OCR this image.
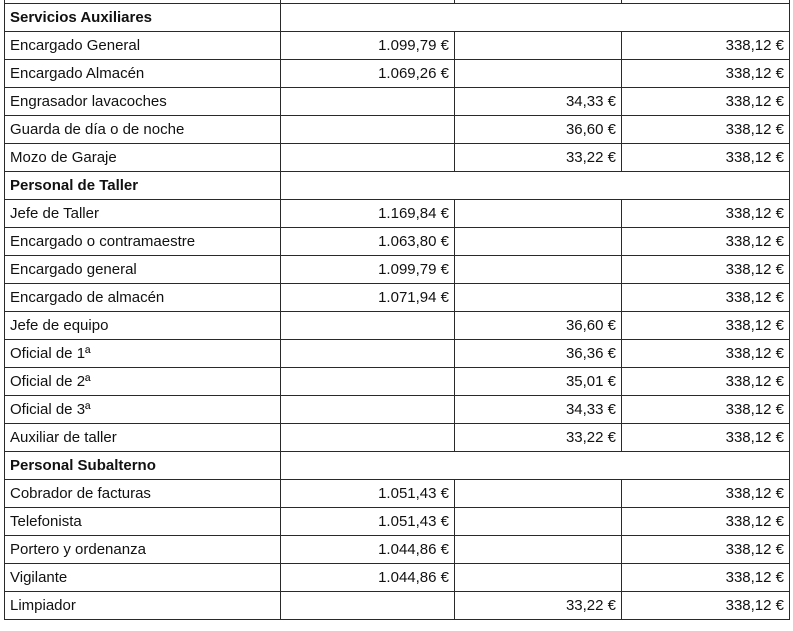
Servicios Auxiliares			
Encargado General	1.099,79 €		338,12 €
Encargado Almacén	1.069,26 €		338,12 €
Engrasador lavacoches		34,33 €	338,12 €
Guarda de día o de noche		36,60 €	338,12 €
Mozo de Garaje		33,22 €	338,12 €
Personal de Taller			
Jefe de Taller	1.169,84 €		338,12 €
Encargado o contramaestre	1.063,80 €		338,12 €
Encargado general	1.099,79 €		338,12 €
Encargado de almacén	1.071,94 €		338,12 €
Jefe de equipo		36,60 €	338,12 €
Oficial de 1ª		36,36 €	338,12 €
Oficial de 2ª		35,01 €	338,12 €
Oficial de 3ª		34,33 €	338,12 €
Auxiliar de taller		33,22 €	338,12 €
Personal Subalterno			
Cobrador de facturas	1.051,43 €		338,12 €
Telefonista	1.051,43 €		338,12 €
Portero y ordenanza	1.044,86 €		338,12 €
Vigilante	1.044,86 €		338,12 €
Limpiador		33,22 €	338,12 €
